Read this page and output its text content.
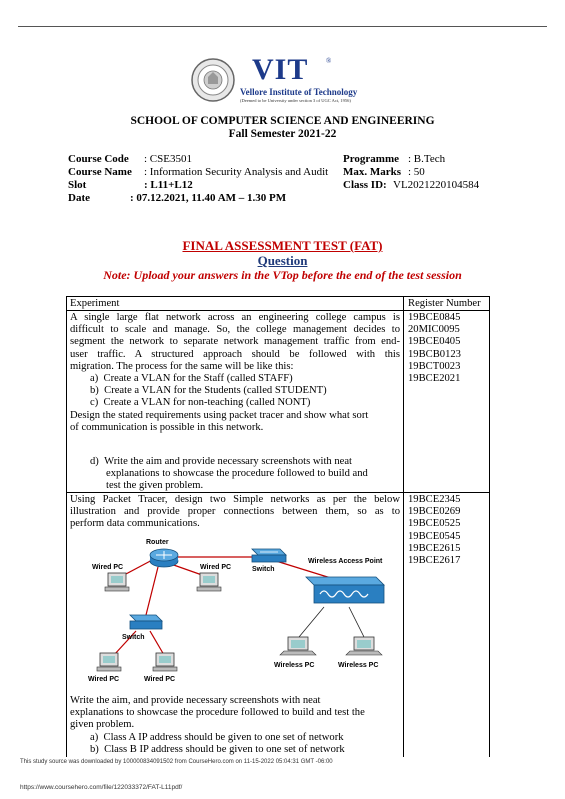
VIT	®
Vellore Institute of Technology
(Deemed to be University under section 3 of UGC Act, 1956)
SCHOOL OF COMPUTER SCIENCE AND ENGINEERING
Fall Semester 2021-22
Course Code : CSE3501	Programme : B.Tech
Course Name : Information Security Analysis and Audit Max. Marks : 50
Slot	: L11+L12	Class ID: VL2021220104584
Date	: 07.12.2021, 11.40 AM – 1.30 PM
FINAL ASSESSMENT TEST (FAT)
Question
Note: Upload your answers in the VTop before the end of the test session
Experiment	Register Number
A single large flat network across an engineering college campus is
difficult to scale and manage. So, the college management decides to
segment the network to separate network management traffic from end-
user traffic. A structured approach should be followed with this
migration. The process for the same will be like this:
a)  Create a VLAN for the Staff (called STAFF)
b)  Create a VLAN for the Students (called STUDENT)
c)  Create a VLAN for non-teaching (called NONT)
Design the stated requirements using packet tracer and show what sort
of communication is possible in this network.
d)  Write the aim and provide necessary screenshots with neat
explanations to showcase the procedure followed to build and
test the given problem.
19BCE0845
20MIC0095
19BCE0405
19BCB0123
19BCT0023
19BCE2021
Using Packet Tracer, design two Simple networks as per the below
illustration and provide proper connections between them, so as to
perform data communications.
Router
Switch
Wired PC	Wired PC
Wireless Access Point
Switch
Wired PC	Wired PC
Wireless PC	Wireless PC
Write the aim, and provide necessary screenshots with neat
explanations to showcase the procedure followed to build and test the
given problem.
a)  Class A IP address should be given to one set of network
b)  Class B IP address should be given to one set of network
19BCE2345
19BCE0269
19BCE0525
19BCE0545
19BCE2615
19BCE2617
This study source was downloaded by 100000834091502 from CourseHero.com on 11-15-2022 05:04:31 GMT -06:00
https://www.coursehero.com/file/122033372/FAT-L11pdf/
